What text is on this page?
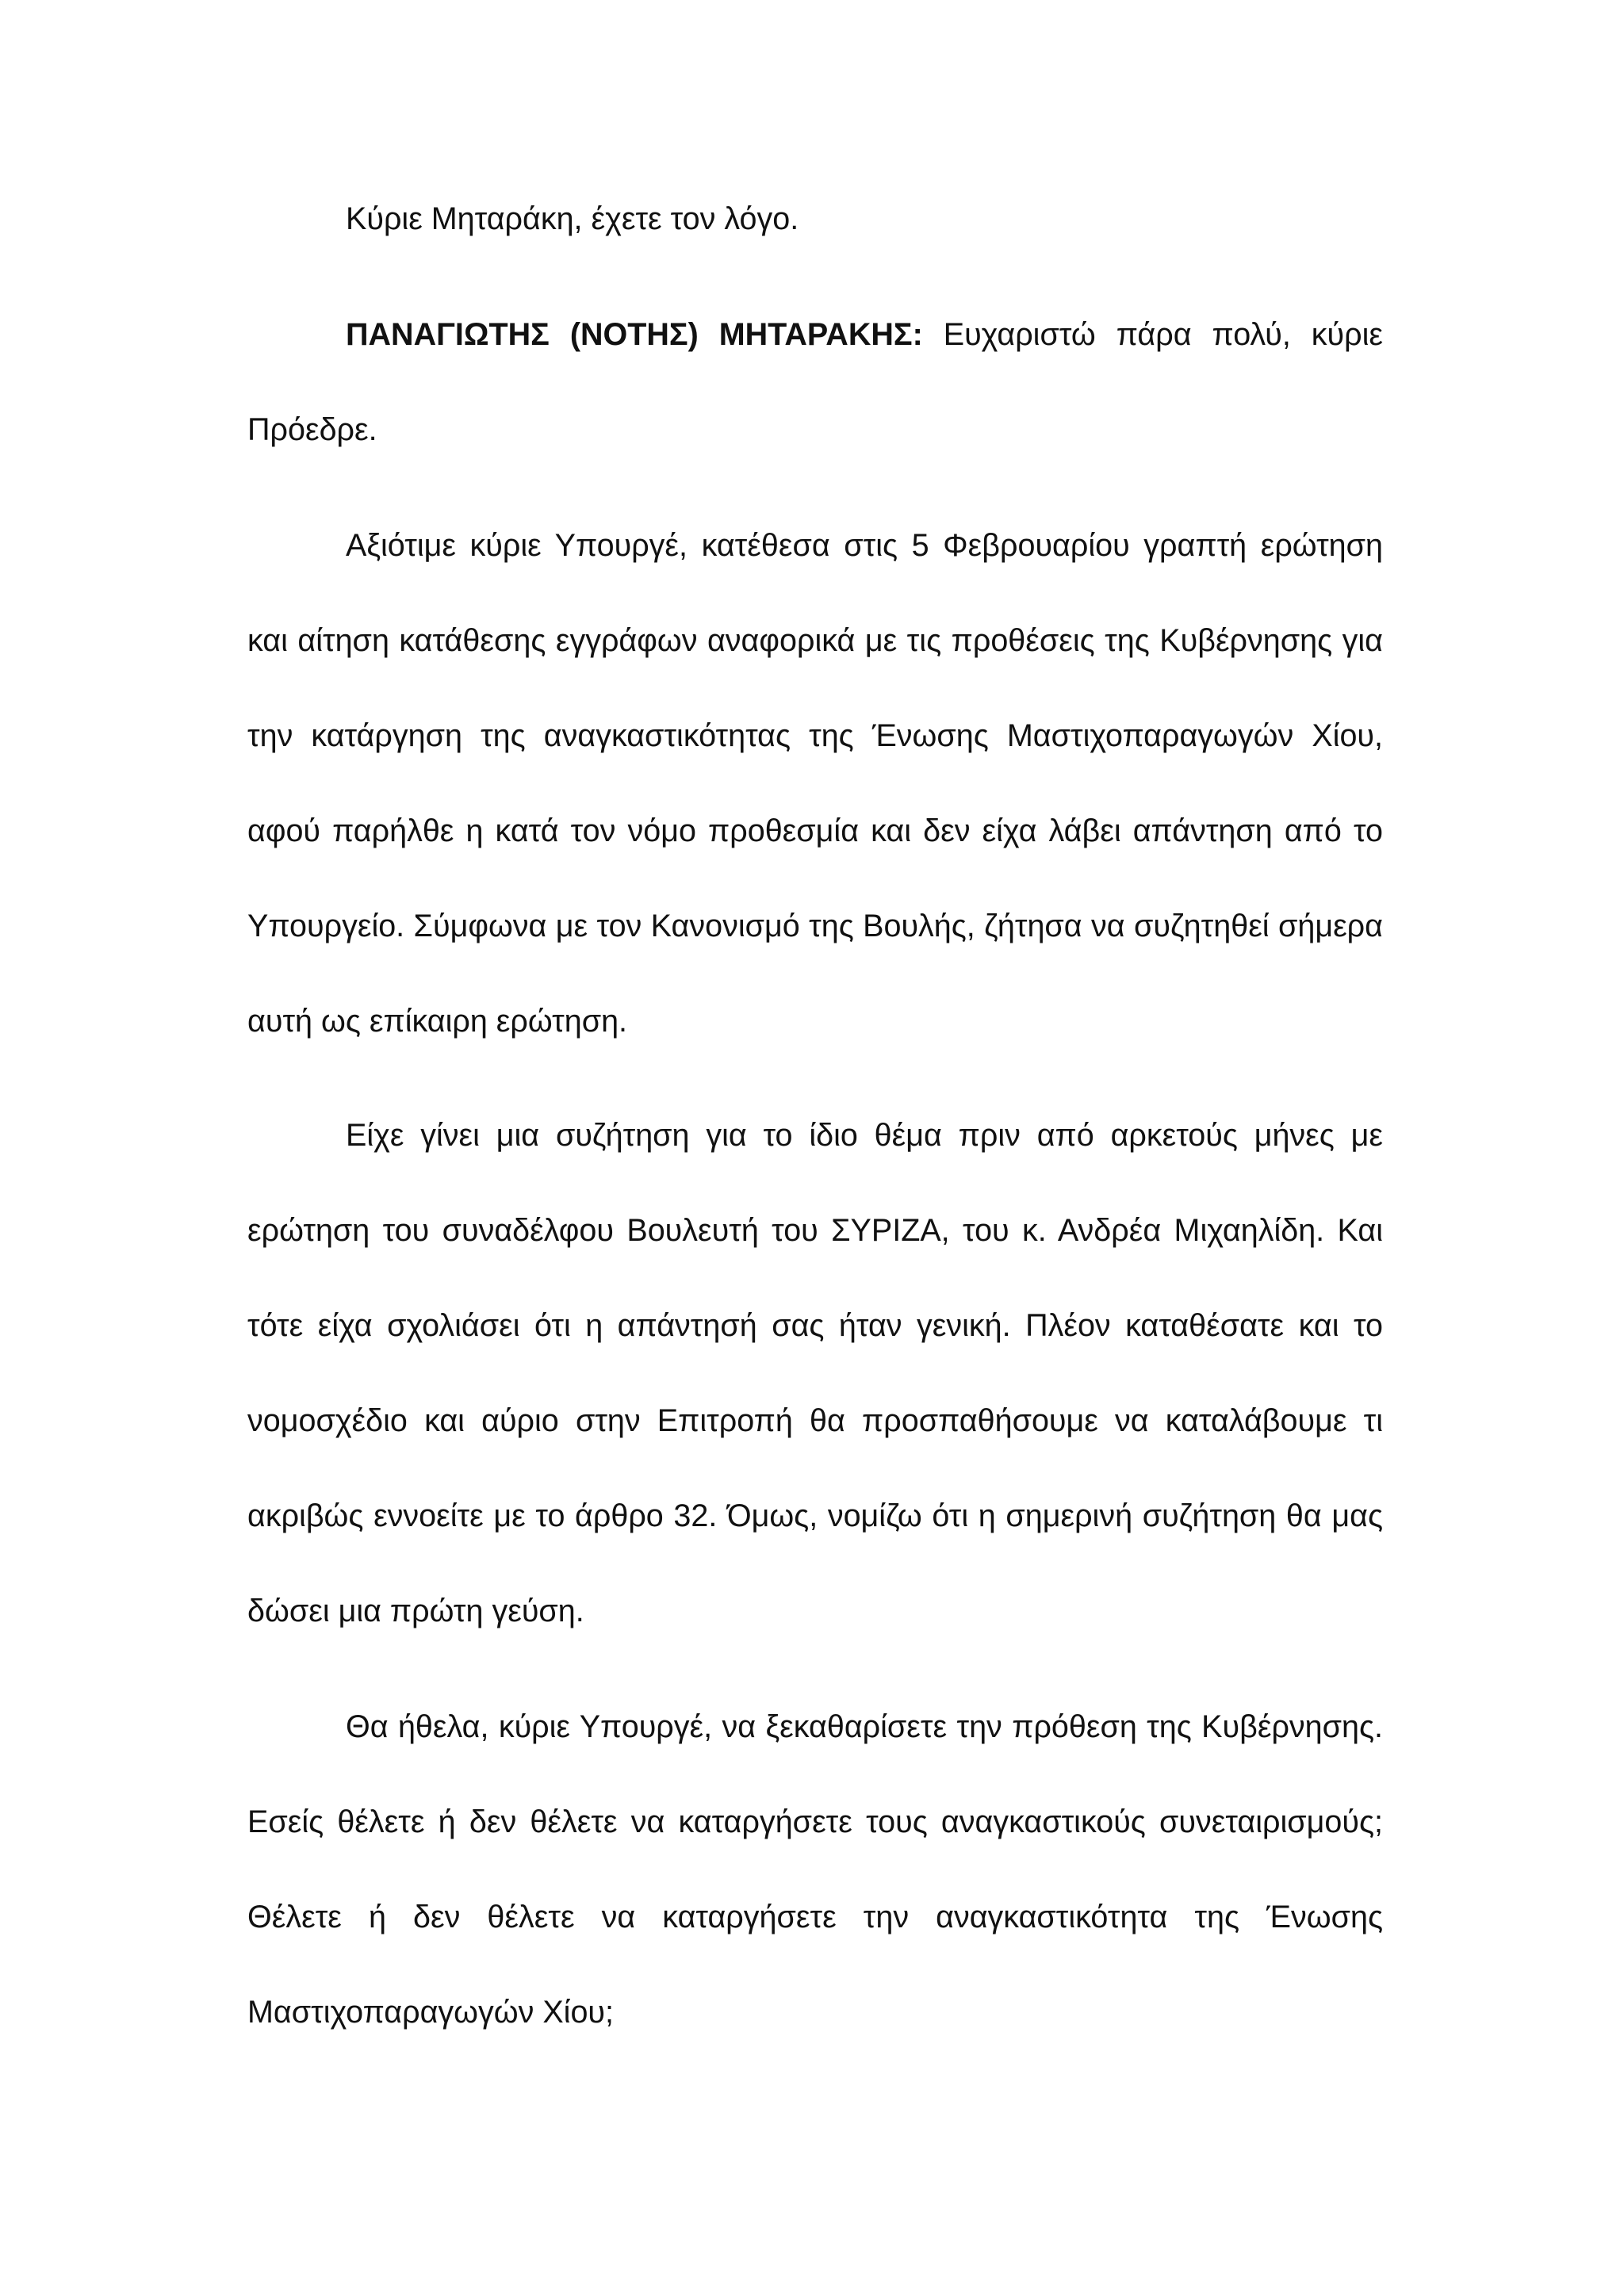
Κύριε Μηταράκη, έχετε τον λόγο.

ΠΑΝΑΓΙΩΤΗΣ (ΝΟΤΗΣ) ΜΗΤΑΡΑΚΗΣ: Ευχαριστώ πάρα πολύ, κύριε Πρόεδρε.

Αξιότιμε κύριε Υπουργέ, κατέθεσα στις 5 Φεβρουαρίου γραπτή ερώτηση και αίτηση κατάθεσης εγγράφων αναφορικά με τις προθέσεις της Κυβέρνησης για την κατάργηση της αναγκαστικότητας της Ένωσης Μαστιχοπαραγωγών Χίου, αφού παρήλθε η κατά τον νόμο προθεσμία και δεν είχα λάβει απάντηση από το Υπουργείο. Σύμφωνα με τον Κανονισμό της Βουλής, ζήτησα να συζητηθεί σήμερα αυτή ως επίκαιρη ερώτηση.

Είχε γίνει μια συζήτηση για το ίδιο θέμα πριν από αρκετούς μήνες με ερώτηση του συναδέλφου Βουλευτή του ΣΥΡΙΖΑ, του κ. Ανδρέα Μιχαηλίδη. Και τότε είχα σχολιάσει ότι η απάντησή σας ήταν γενική. Πλέον καταθέσατε και το νομοσχέδιο και αύριο στην Επιτροπή θα προσπαθήσουμε να καταλάβουμε τι ακριβώς εννοείτε με το άρθρο 32. Όμως, νομίζω ότι η σημερινή συζήτηση θα μας δώσει μια πρώτη γεύση.

Θα ήθελα, κύριε Υπουργέ, να ξεκαθαρίσετε την πρόθεση της Κυβέρνησης. Εσείς θέλετε ή δεν θέλετε να καταργήσετε τους αναγκαστικούς συνεταιρισμούς; Θέλετε ή δεν θέλετε να καταργήσετε την αναγκαστικότητα της Ένωσης Μαστιχοπαραγωγών Χίου;
